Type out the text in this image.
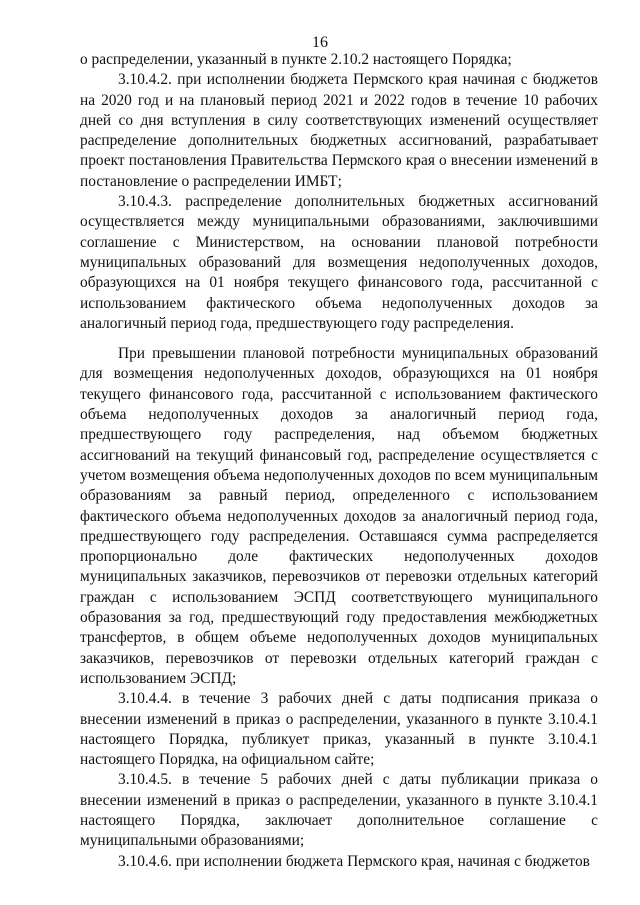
16

о распределении, указанный в пункте 2.10.2 настоящего Порядка;

3.10.4.2. при исполнении бюджета Пермского края начиная с бюджетов на 2020 год и на плановый период 2021 и 2022 годов в течение 10 рабочих дней со дня вступления в силу соответствующих изменений осуществляет распределение дополнительных бюджетных ассигнований, разрабатывает проект постановления Правительства Пермского края о внесении изменений в постановление о распределении ИМБТ;

3.10.4.3. распределение дополнительных бюджетных ассигнований осуществляется между муниципальными образованиями, заключившими соглашение с Министерством, на основании плановой потребности муниципальных образований для возмещения недополученных доходов, образующихся на 01 ноября текущего финансового года, рассчитанной с использованием фактического объема недополученных доходов за аналогичный период года, предшествующего году распределения.

При превышении плановой потребности муниципальных образований для возмещения недополученных доходов, образующихся на 01 ноября текущего финансового года, рассчитанной с использованием фактического объема недополученных доходов за аналогичный период года, предшествующего году распределения, над объемом бюджетных ассигнований на текущий финансовый год, распределение осуществляется с учетом возмещения объема недополученных доходов по всем муниципальным образованиям за равный период, определенного с использованием фактического объема недополученных доходов за аналогичный период года, предшествующего году распределения. Оставшаяся сумма распределяется пропорционально доле фактических недополученных доходов муниципальных заказчиков, перевозчиков от перевозки отдельных категорий граждан с использованием ЭСПД соответствующего муниципального образования за год, предшествующий году предоставления межбюджетных трансфертов, в общем объеме недополученных доходов муниципальных заказчиков, перевозчиков от перевозки отдельных категорий граждан с использованием ЭСПД;

3.10.4.4. в течение 3 рабочих дней с даты подписания приказа о внесении изменений в приказ о распределении, указанного в пункте 3.10.4.1 настоящего Порядка, публикует приказ, указанный в пункте 3.10.4.1 настоящего Порядка, на официальном сайте;

3.10.4.5. в течение 5 рабочих дней с даты публикации приказа о внесении изменений в приказ о распределении, указанного в пункте 3.10.4.1 настоящего Порядка, заключает дополнительное соглашение с муниципальными образованиями;

3.10.4.6. при исполнении бюджета Пермского края, начиная с бюджетов
